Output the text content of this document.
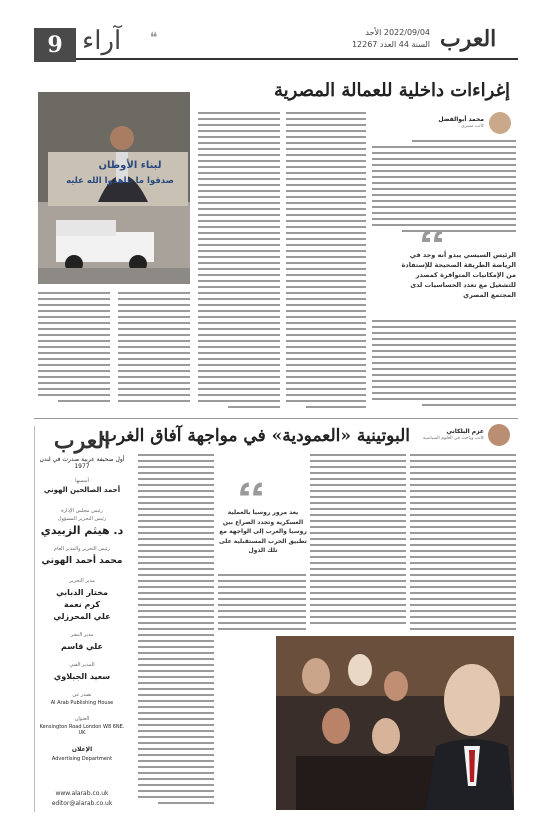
9 آراء ❝	2022/09/04 الأحد
السنة 44 العدد 12267 العرب
إغراءات داخلية للعمالة المصرية
محمد أبوالفضل
كاتب مصري
لبناء الأوطان
صدقوا ما عاهدوا الله عليه
الرئيس السيسي يبدو أنه وجد في الرياضة الطريقة الصحيحة للإستفادة من الإمكانيات المتوافرة كمصدر للتشغيل مع تعدد الحساسيات لدى المجتمع المصري
البوتينية «العمودية» في مواجهة آفاق الغرب	عزم البلكاني
كاتب وباحث في العلوم السياسية
يعد مرور روسيا بالعملية العسكرية وتجدد الصراع بين روسيا والغرب إلى الواجهة مع تطبيق الحرب المستقبلية على تلك الدول
العرب
أول صحيفة عربية صدرت في لندن 1977
أسسها
أحمد الصالحين الهوني
رئيس مجلس الإدارة
رئيس التحرير المسؤول
د. هيثم الزبيدي
رئيس التحرير والمدير العام
محمد أحمد الهوني
مدير التحرير
مختار الدبابي
كرم نعمة
علي المحرزلي
مدير النشر
علي قاسم
المدير الفني
سعيد الجبلاوي
تصدر عن
Al Arab Publishing House
العنوان
Kensington Road London W8 6NE. UK
الإعلان
Advertising Department
www.alarab.co.uk
editor@alarab.co.uk
